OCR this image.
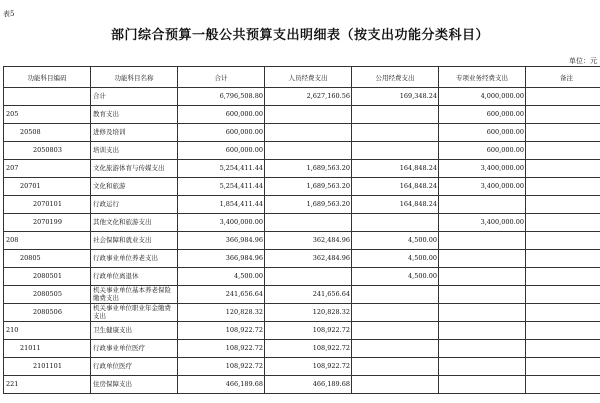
表5
部门综合预算一般公共预算支出明细表（按支出功能分类科目）
单位：元
功能科目编码	功能科目名称	合计	人员经费支出	公用经费支出	专项业务经费支出	备注
	合计	6,796,508.80	2,627,160.56	169,348.24	4,000,000.00	
205	教育支出	600,000.00			600,000.00	
20508	进修及培训	600,000.00			600,000.00	
2050803	培训支出	600,000.00			600,000.00	
207	文化旅游体育与传媒支出	5,254,411.44	1,689,563.20	164,848.24	3,400,000.00	
20701	文化和旅游	5,254,411.44	1,689,563.20	164,848.24	3,400,000.00	
2070101	行政运行	1,854,411.44	1,689,563.20	164,848.24		
2070199	其他文化和旅游支出	3,400,000.00			3,400,000.00	
208	社会保障和就业支出	366,984.96	362,484.96	4,500.00		
20805	行政事业单位养老支出	366,984.96	362,484.96	4,500.00		
2080501	行政单位离退休	4,500.00		4,500.00		
2080505	机关事业单位基本养老保险缴费支出	241,656.64	241,656.64			
2080506	机关事业单位职业年金缴费支出	120,828.32	120,828.32			
210	卫生健康支出	108,922.72	108,922.72			
21011	行政事业单位医疗	108,922.72	108,922.72			
2101101	行政单位医疗	108,922.72	108,922.72			
221	住房保障支出	466,189.68	466,189.68			
